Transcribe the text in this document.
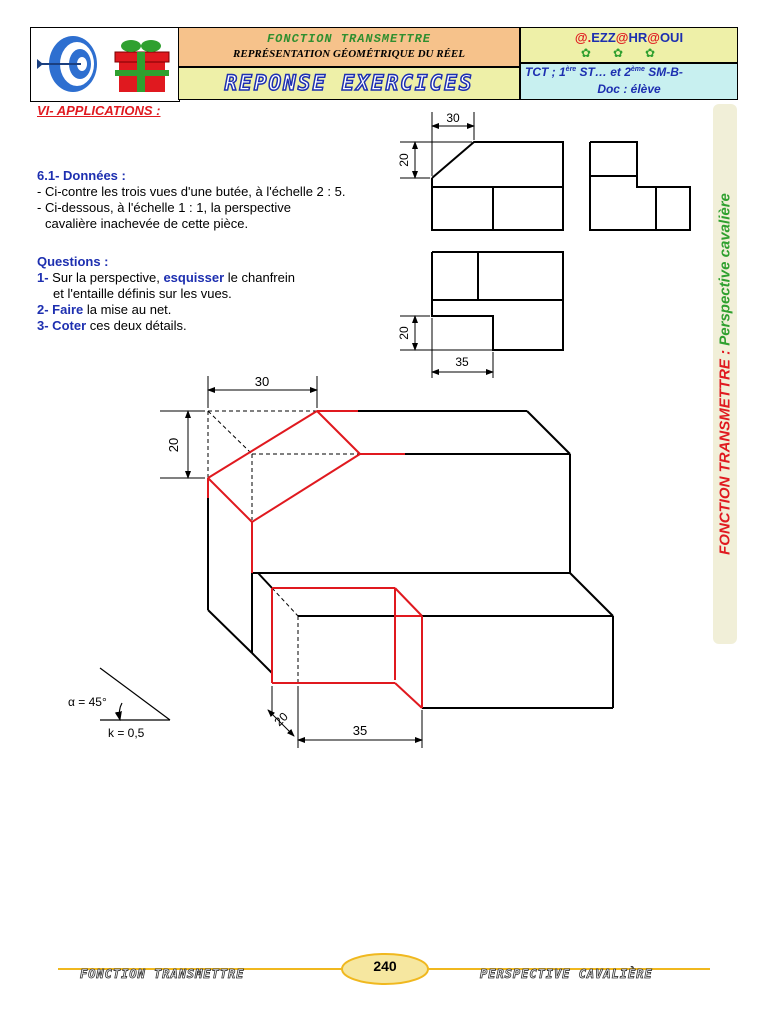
FONCTION TRANSMETTRE
REPRÉSENTATION GÉOMÉTRIQUE DU RÉEL
REPONSE EXERCICES
@.EZZ@HR@OUI
✿✿✿
TCT ; 1ère ST… et 2ème SM-B-
Doc : élève
VI- APPLICATIONS :
6.1- Données :
- Ci-contre les trois vues d'une butée, à l'échelle 2 : 5.
- Ci-dessous, à l'échelle 1 : 1, la perspective
cavalière inachevée de cette pièce.
Questions :
1- Sur la perspective, esquisser le chanfrein
et l'entaille définis sur les vues.
2- Faire la mise au net.
3- Coter ces deux détails.
30
20
20
35
30
20
20
35
α = 45°
k = 0,5
FONCTION TRANSMETTRE : Perspective cavalière
240
FONCTION TRANSMETTRE	PERSPECTIVE CAVALIÈRE
